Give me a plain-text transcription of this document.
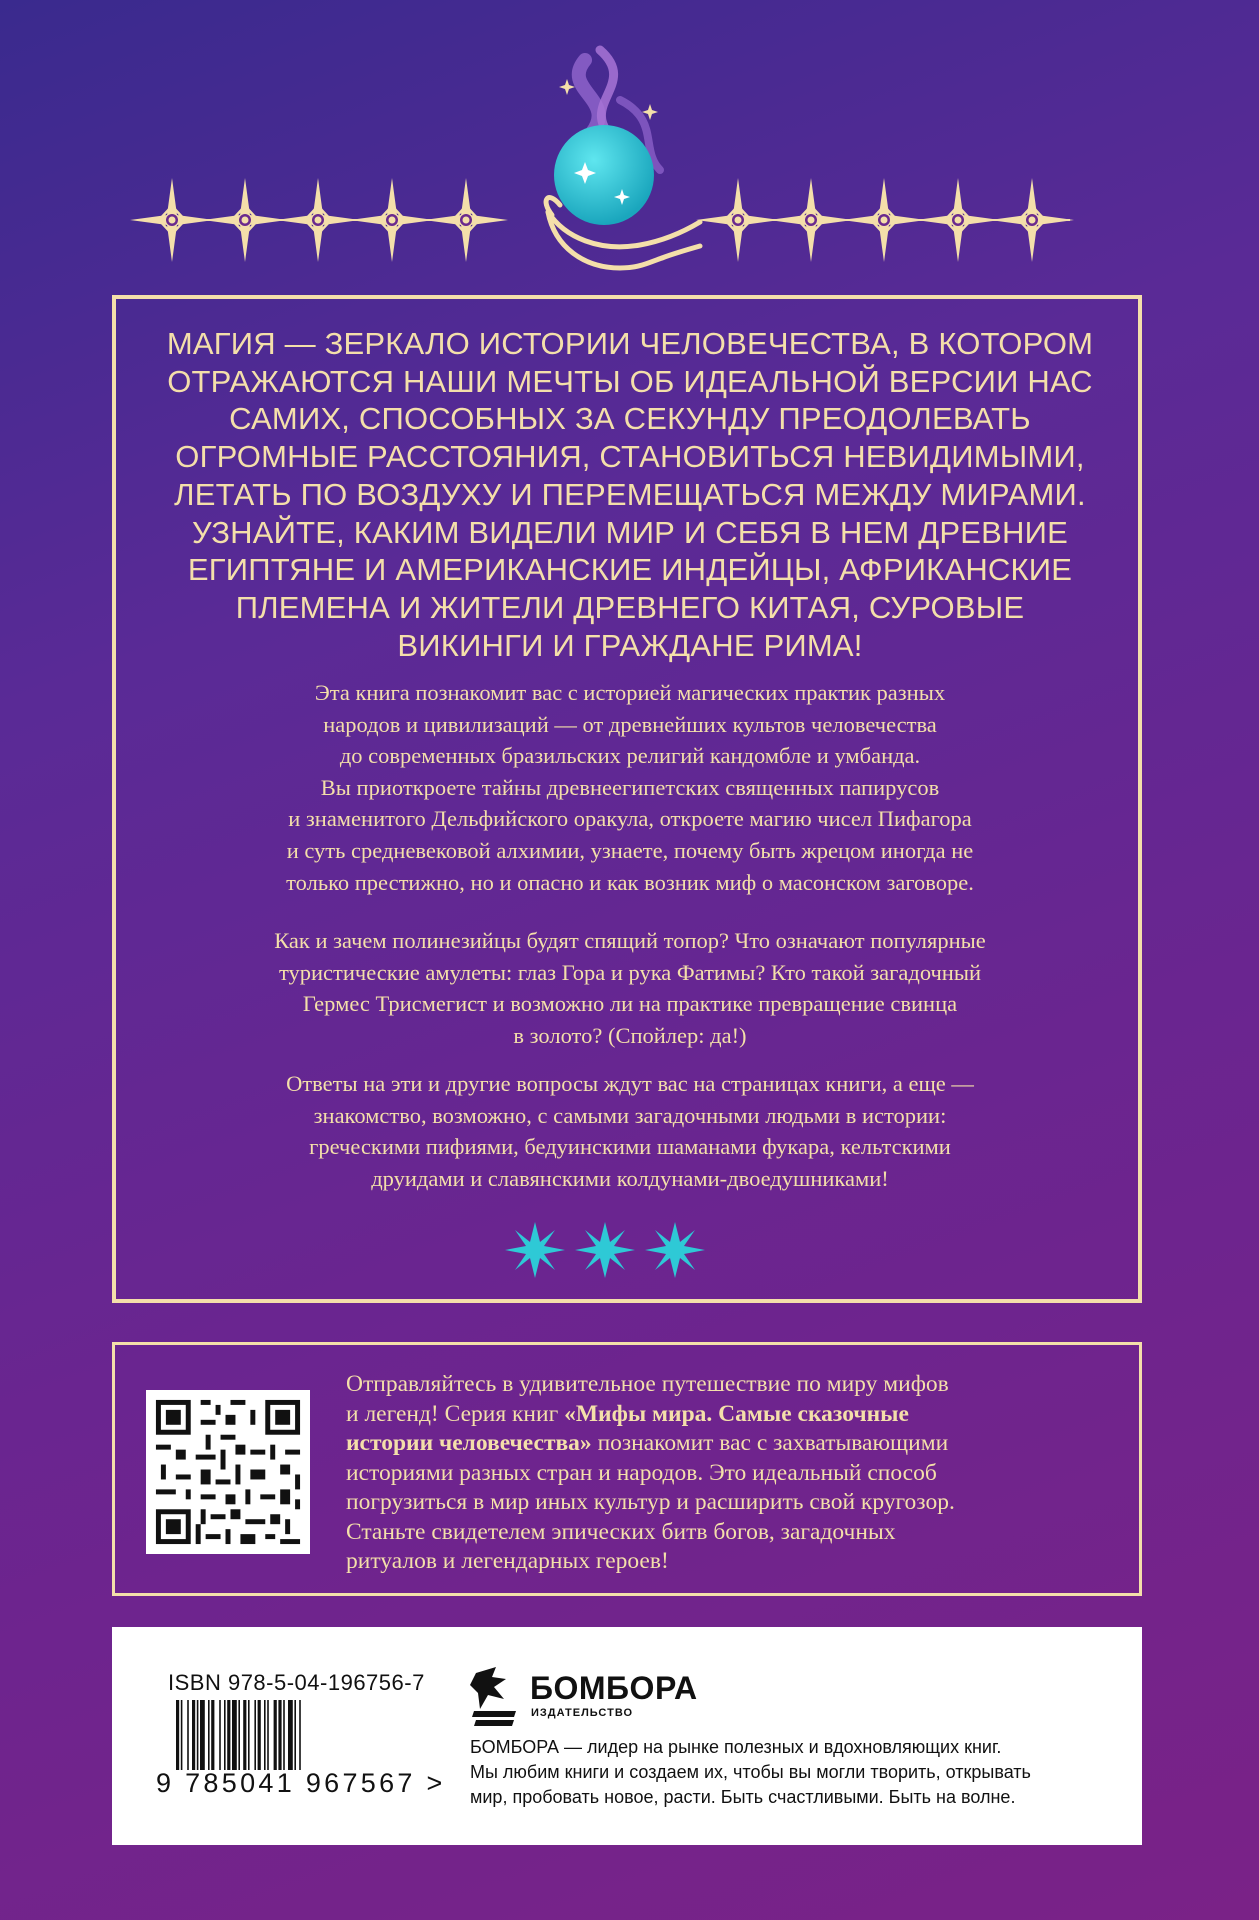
МАГИЯ — ЗЕРКАЛО ИСТОРИИ ЧЕЛОВЕЧЕСТВА, В КОТОРОМ
ОТРАЖАЮТСЯ НАШИ МЕЧТЫ ОБ ИДЕАЛЬНОЙ ВЕРСИИ НАС
САМИХ, СПОСОБНЫХ ЗА СЕКУНДУ ПРЕОДОЛЕВАТЬ
ОГРОМНЫЕ РАССТОЯНИЯ, СТАНОВИТЬСЯ НЕВИДИМЫМИ,
ЛЕТАТЬ ПО ВОЗДУХУ И ПЕРЕМЕЩАТЬСЯ МЕЖДУ МИРАМИ.
УЗНАЙТЕ, КАКИМ ВИДЕЛИ МИР И СЕБЯ В НЕМ ДРЕВНИЕ
ЕГИПТЯНЕ И АМЕРИКАНСКИЕ ИНДЕЙЦЫ, АФРИКАНСКИЕ
ПЛЕМЕНА И ЖИТЕЛИ ДРЕВНЕГО КИТАЯ, СУРОВЫЕ
ВИКИНГИ И ГРАЖДАНЕ РИМА!
Эта книга познакомит вас с историей магических практик разных
народов и цивилизаций — от древнейших культов человечества
до современных бразильских религий кандомбле и умбанда.
Вы приоткроете тайны древнеегипетских священных папирусов
и знаменитого Дельфийского оракула, откроете магию чисел Пифагора
и суть средневековой алхимии, узнаете, почему быть жрецом иногда не
только престижно, но и опасно и как возник миф о масонском заговоре.
Как и зачем полинезийцы будят спящий топор? Что означают популярные
туристические амулеты: глаз Гора и рука Фатимы? Кто такой загадочный
Гермес Трисмегист и возможно ли на практике превращение свинца
в золото? (Спойлер: да!)
Ответы на эти и другие вопросы ждут вас на страницах книги, а еще —
знакомство, возможно, с самыми загадочными людьми в истории:
греческими пифиями, бедуинскими шаманами фукара, кельтскими
друидами и славянскими колдунами-двоедушниками!
Отправляйтесь в удивительное путешествие по миру мифов
и легенд! Серия книг «Мифы мира. Самые сказочные
истории человечества» познакомит вас с захватывающими
историями разных стран и народов. Это идеальный способ
погрузиться в мир иных культур и расширить свой кругозор.
Станьте свидетелем эпических битв богов, загадочных
ритуалов и легендарных героев!
ISBN 978-5-04-196756-7
9 785041 967567 >
БОМБОРА
ИЗДАТЕЛЬСТВО
БОМБОРА — лидер на рынке полезных и вдохновляющих книг.
Мы любим книги и создаем их, чтобы вы могли творить, открывать
мир, пробовать новое, расти. Быть счастливыми. Быть на волне.
